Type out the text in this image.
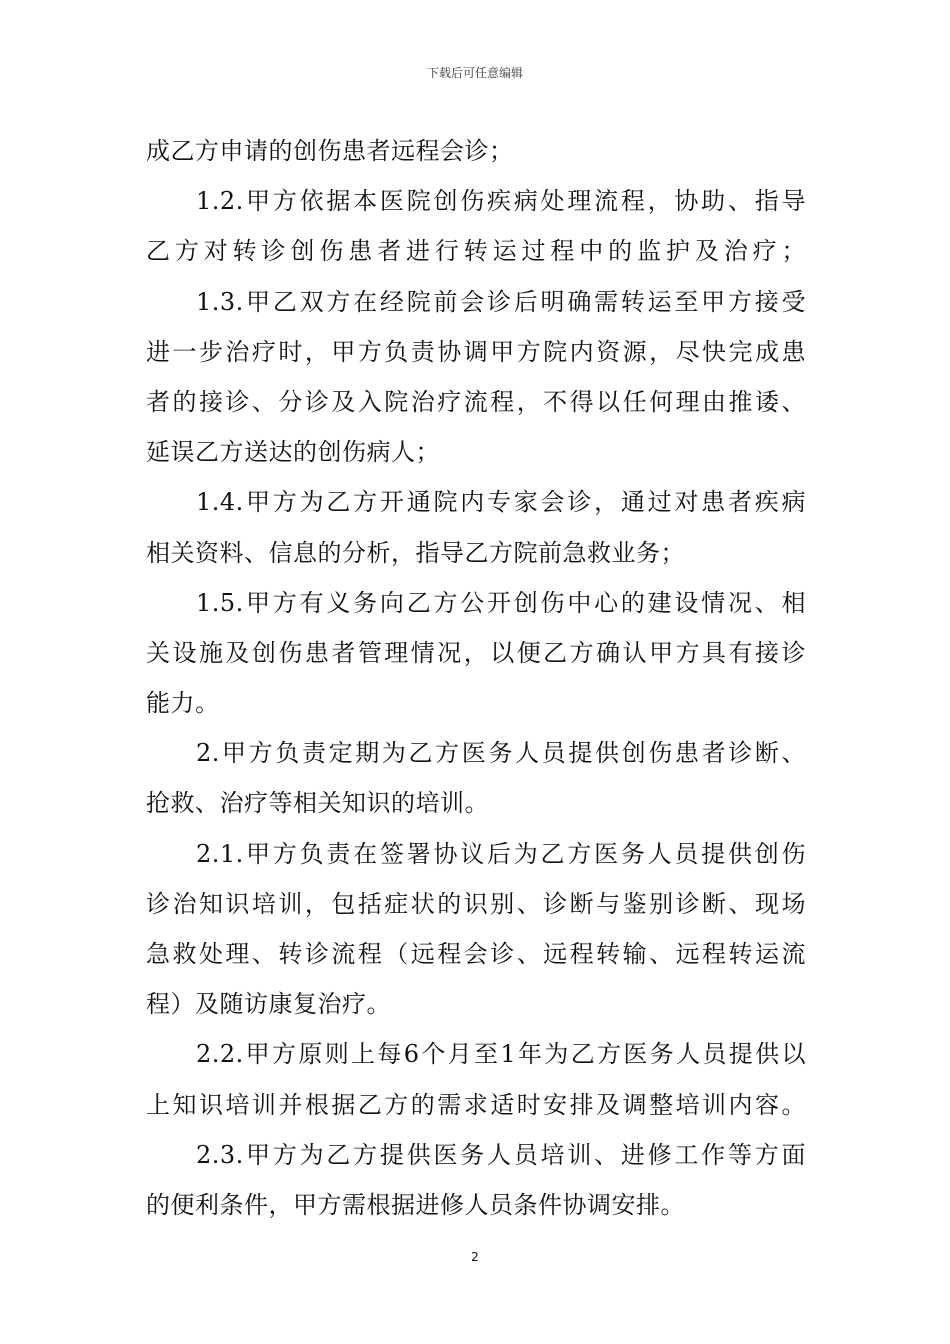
下载后可任意编辑
成乙方申请的创伤患者远程会诊；
1.2.甲方依据本医院创伤疾病处理流程，协助、指导
乙方对转诊创伤患者进行转运过程中的监护及治疗；
1.3.甲乙双方在经院前会诊后明确需转运至甲方接受
进一步治疗时，甲方负责协调甲方院内资源，尽快完成患
者的接诊、分诊及入院治疗流程，不得以任何理由推诿、
延误乙方送达的创伤病人；
1.4.甲方为乙方开通院内专家会诊，通过对患者疾病
相关资料、信息的分析，指导乙方院前急救业务；
1.5.甲方有义务向乙方公开创伤中心的建设情况、相
关设施及创伤患者管理情况，以便乙方确认甲方具有接诊
能力。
2.甲方负责定期为乙方医务人员提供创伤患者诊断、
抢救、治疗等相关知识的培训。
2.1.甲方负责在签署协议后为乙方医务人员提供创伤
诊治知识培训，包括症状的识别、诊断与鉴别诊断、现场
急救处理、转诊流程（远程会诊、远程转输、远程转运流
程）及随访康复治疗。
2.2.甲方原则上每6个月至1年为乙方医务人员提供以
上知识培训并根据乙方的需求适时安排及调整培训内容。
2.3.甲方为乙方提供医务人员培训、进修工作等方面
的便利条件，甲方需根据进修人员条件协调安排。
2
